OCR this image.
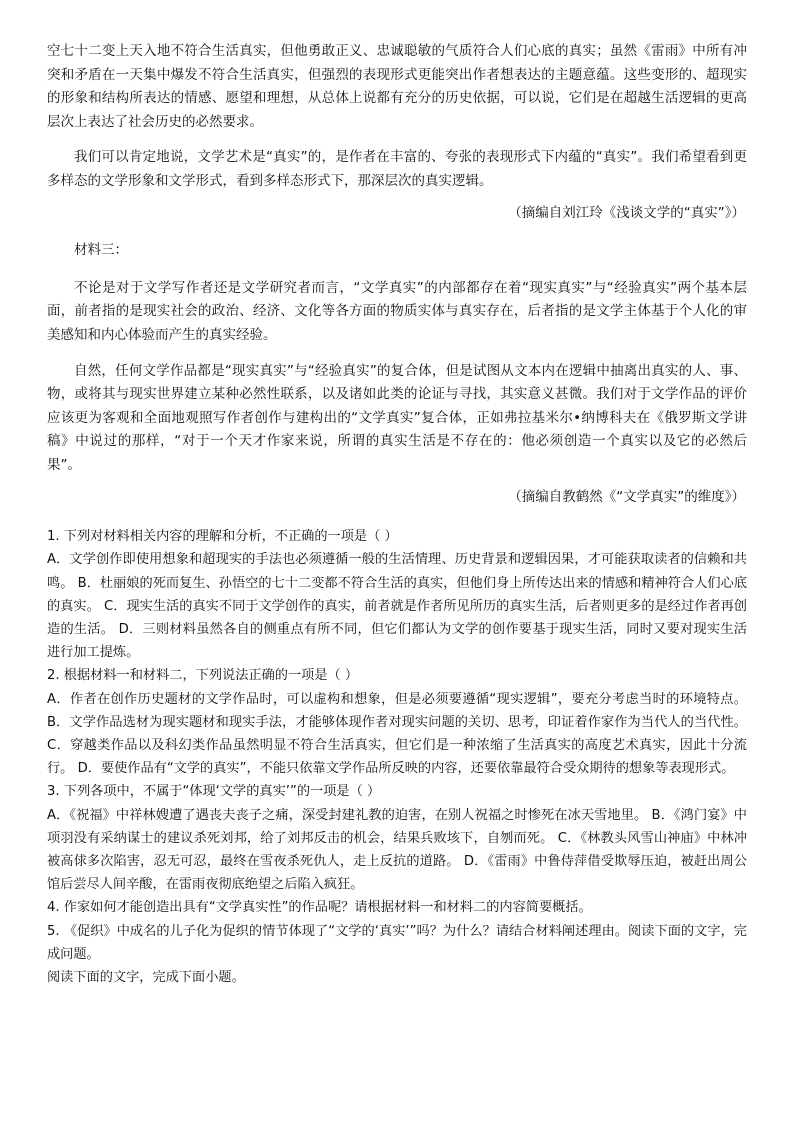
空七十二变上天入地不符合生活真实，但他勇敢正义、忠诚聪敏的气质符合人们心底的真实；虽然《雷雨》中所有冲突和矛盾在一天集中爆发不符合生活真实，但强烈的表现形式更能突出作者想表达的主题意蕴。这些变形的、超现实的形象和结构所表达的情感、愿望和理想，从总体上说都有充分的历史依据，可以说，它们是在超越生活逻辑的更高层次上表达了社会历史的必然要求。

我们可以肯定地说，文学艺术是“真实”的，是作者在丰富的、夸张的表现形式下内蕴的“真实”。我们希望看到更多样态的文学形象和文学形式，看到多样态形式下，那深层次的真实逻辑。

（摘编自刘江玲《浅谈文学的“真实”》）

材料三：

不论是对于文学写作者还是文学研究者而言，“文学真实”的内部都存在着“现实真实”与“经验真实”两个基本层面，前者指的是现实社会的政治、经济、文化等各方面的物质实体与真实存在，后者指的是文学主体基于个人化的审美感知和内心体验而产生的真实经验。

自然，任何文学作品都是“现实真实”与“经验真实”的复合体，但是试图从文本内在逻辑中抽离出真实的人、事、物，或将其与现实世界建立某种必然性联系，以及诸如此类的论证与寻找，其实意义甚微。我们对于文学作品的评价应该更为客观和全面地观照写作者创作与建构出的“文学真实”复合体，正如弗拉基米尔•纳博科夫在《俄罗斯文学讲稿》中说过的那样，“对于一个天才作家来说，所谓的真实生活是不存在的：他必须创造一个真实以及它的必然后果”。

（摘编自教鹤然《“文学真实”的维度》）

1. 下列对材料相关内容的理解和分析，不正确的一项是（ ）

A．文学创作即使用想象和超现实的手法也必须遵循一般的生活情理、历史背景和逻辑因果，才可能获取读者的信赖和共鸣。 B．杜丽娘的死而复生、孙悟空的七十二变都不符合生活的真实，但他们身上所传达出来的情感和精神符合人们心底的真实。 C．现实生活的真实不同于文学创作的真实，前者就是作者所见所历的真实生活，后者则更多的是经过作者再创造的生活。 D．三则材料虽然各自的侧重点有所不同，但它们都认为文学的创作要基于现实生活，同时又要对现实生活进行加工提炼。

2. 根据材料一和材料二，下列说法正确的一项是（ ）

A．作者在创作历史题材的文学作品时，可以虚构和想象，但是必须要遵循“现实逻辑”，要充分考虑当时的环境特点。 B．文学作品选材为现实题材和现实手法，才能够体现作者对现实问题的关切、思考，印证着作家作为当代人的当代性。 C．穿越类作品以及科幻类作品虽然明显不符合生活真实，但它们是一种浓缩了生活真实的高度艺术真实，因此十分流行。 D．要使作品有“文学的真实”，不能只依靠文学作品所反映的内容，还要依靠最符合受众期待的想象等表现形式。

3. 下列各项中，不属于“体现‘文学的真实’”的一项是（ ）

A．《祝福》中祥林嫂遭了遇丧夫丧子之痛，深受封建礼教的迫害，在别人祝福之时惨死在冰天雪地里。 B．《鸿门宴》中项羽没有采纳谋士的建议杀死刘邦，给了刘邦反击的机会，结果兵败垓下，自刎而死。 C．《林教头风雪山神庙》中林冲被高俅多次陷害，忍无可忍，最终在雪夜杀死仇人，走上反抗的道路。 D．《雷雨》中鲁侍萍借受欺辱压迫，被赶出周公馆后尝尽人间辛酸，在雷雨夜彻底绝望之后陷入疯狂。

4. 作家如何才能创造出具有“文学真实性”的作品呢？请根据材料一和材料二的内容简要概括。

5. 《促织》中成名的儿子化为促织的情节体现了“文学的‘真实’”吗？为什么？请结合材料阐述理由。阅读下面的文字，完成问题。

阅读下面的文字，完成下面小题。
